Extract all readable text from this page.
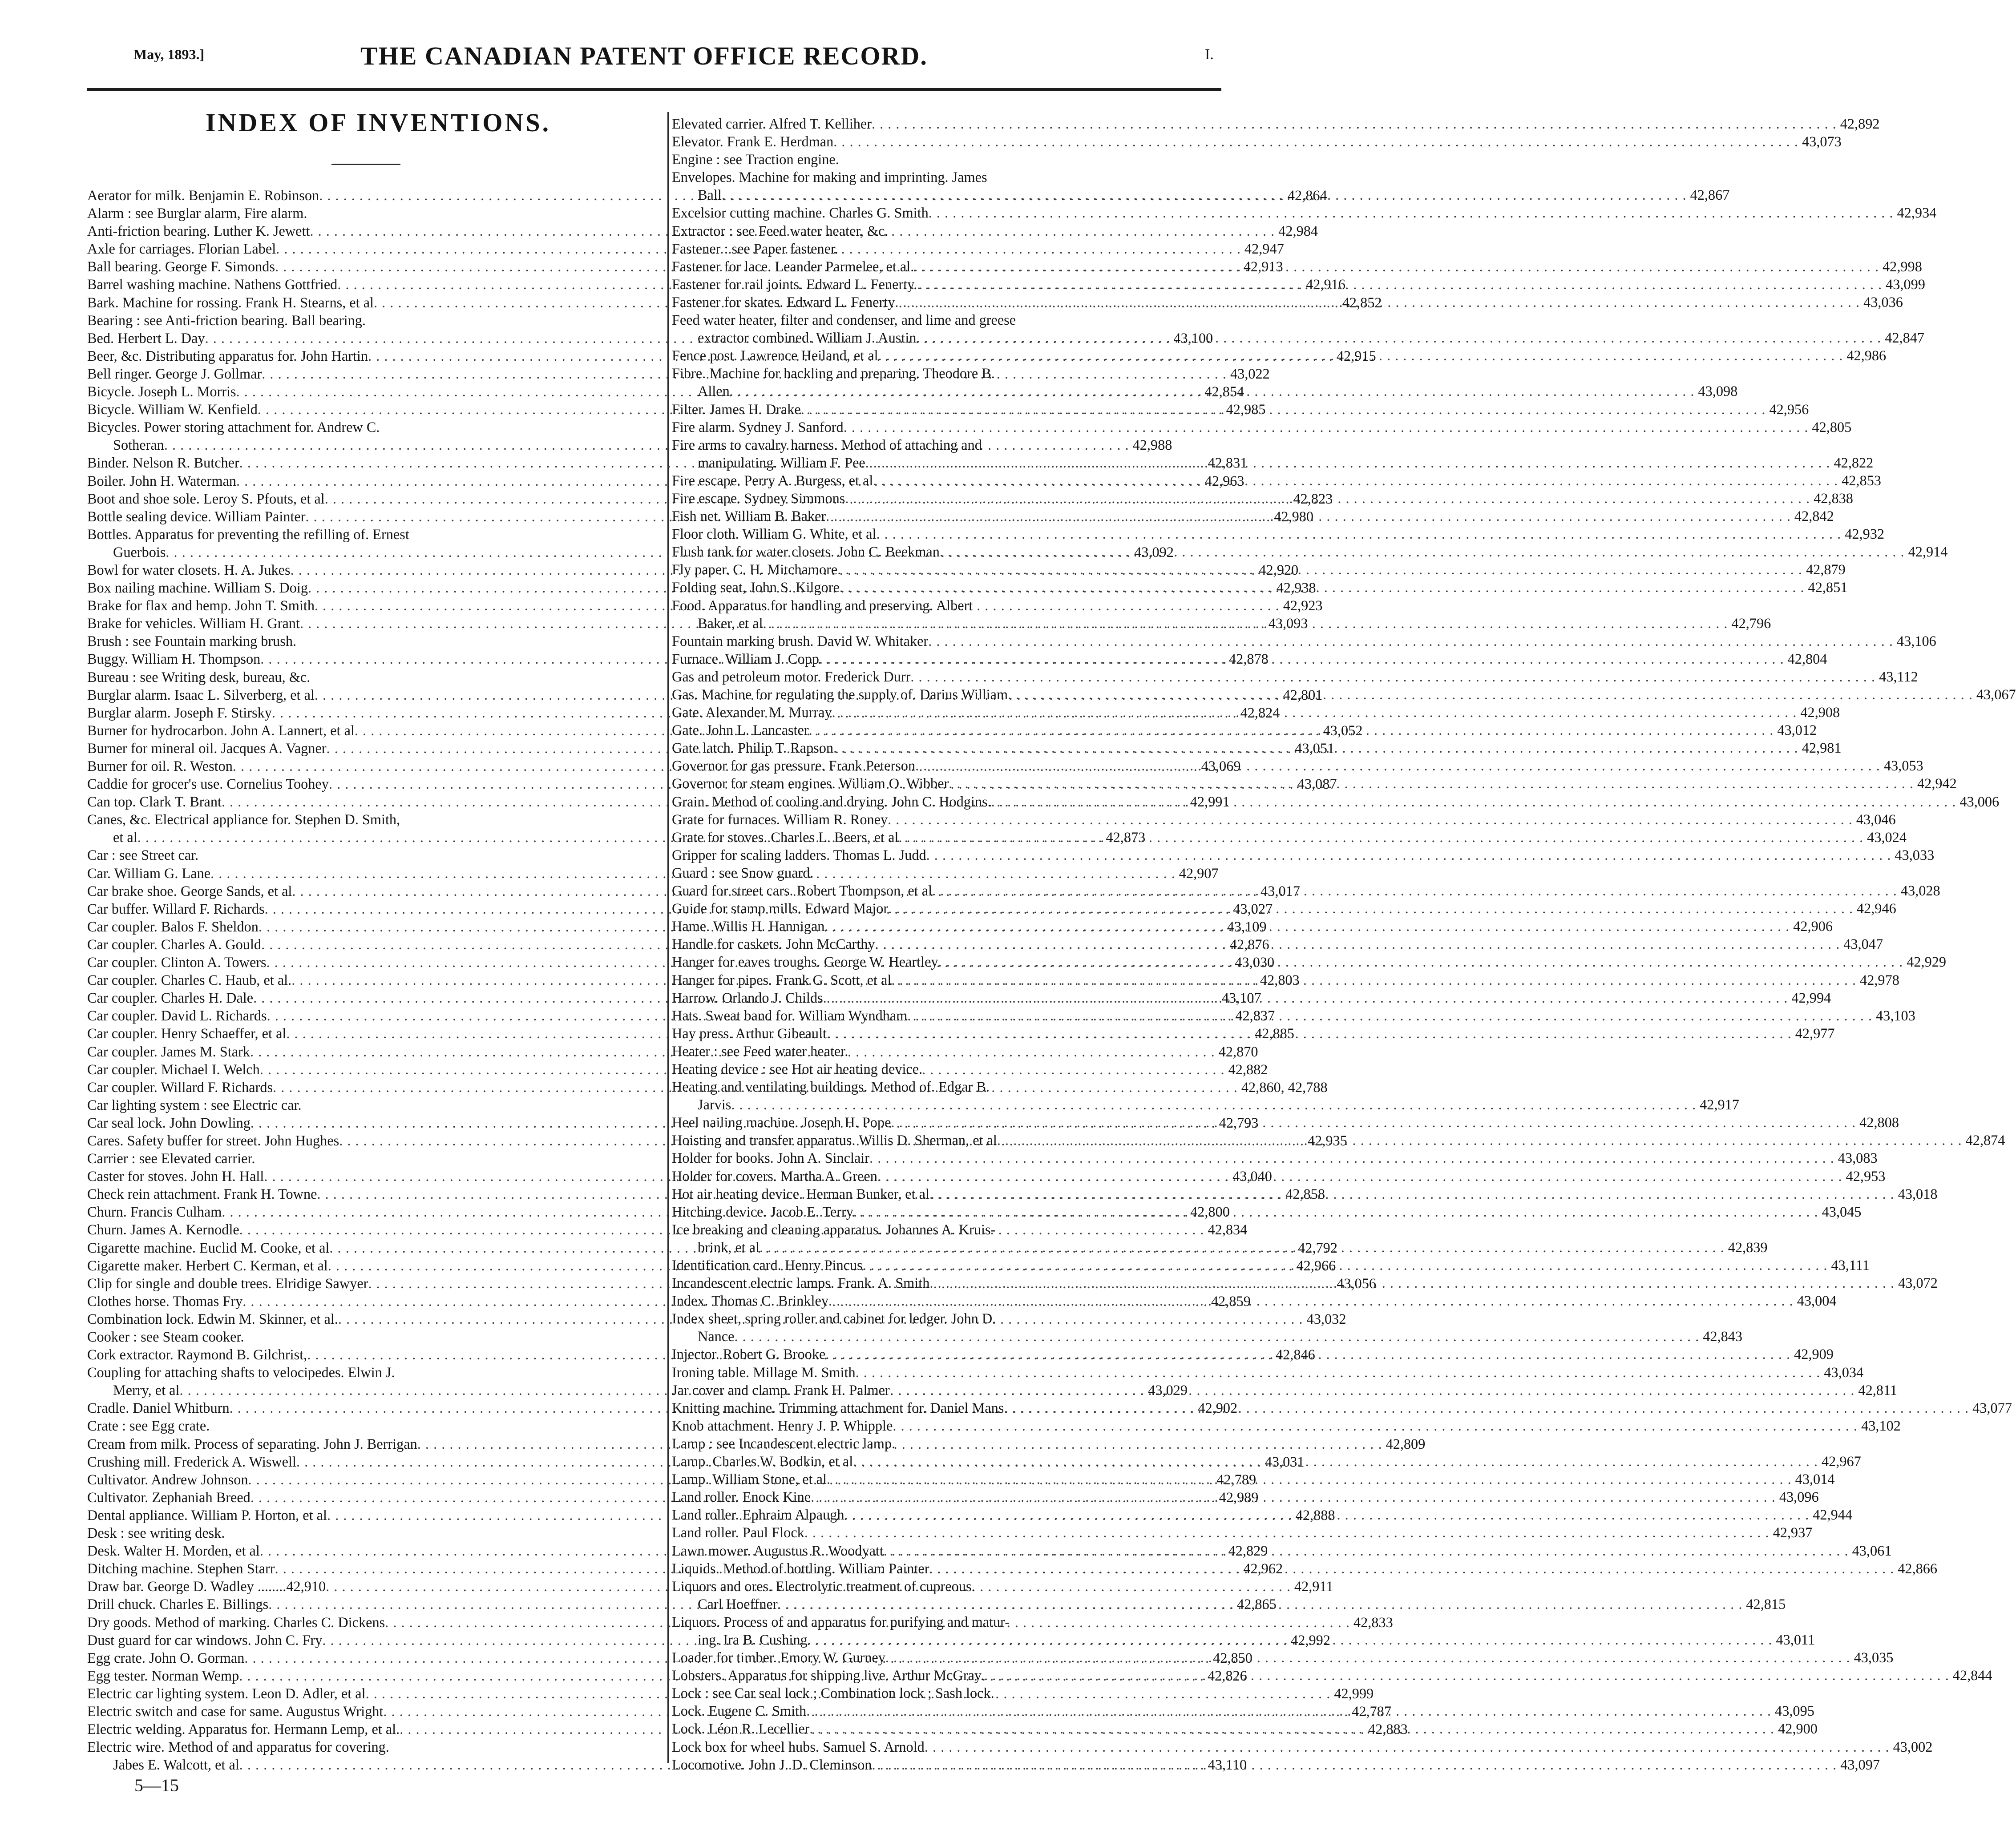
May, 1893.]	THE CANADIAN PATENT OFFICE RECORD.	I.
INDEX OF INVENTIONS.
Aerator for milk. Benjamin E. Robinson . . .	42,864
Alarm : see Burglar alarm, Fire alarm.
Anti-friction bearing. Luther K. Jewett . . .	42,984
Axle for carriages. Florian Label . . .	42,947
Ball bearing. George F. Simonds . . .	42,913
Barrel washing machine. Nathens Gottfried . . .	42,916
Bark. Machine for rossing. Frank H. Stearns, et al . . .	42,852
Bearing : see Anti-friction bearing. Ball bearing.
Bed. Herbert L. Day . . .	43,100
Beer, &c. Distributing apparatus for. John Hartin . . .	42,915
Bell ringer. George J. Gollmar . . .	43,022
Bicycle. Joseph L. Morris . . .	42,854
Bicycle. William W. Kenfield . . .	42,985
Bicycles. Power storing attachment for. Andrew C.
Sotheran . . .	42,988
Binder. Nelson R. Butcher . . .	42,831
Boiler. John H. Waterman . . .	42,963
Boot and shoe sole. Leroy S. Pfouts, et al . . .	42,823
Bottle sealing device. William Painter . . .	42,980
Bottles. Apparatus for preventing the refilling of. Ernest
Guerbois . . .	43,092
Bowl for water closets. H. A. Jukes . . .	42,920
Box nailing machine. William S. Doig . . .	42,938
Brake for flax and hemp. John T. Smith . . .	42,923
Brake for vehicles. William H. Grant . . .	43,093
Brush : see Fountain marking brush.
Buggy. William H. Thompson . . .	42,878
Bureau : see Writing desk, bureau, &c.
Burglar alarm. Isaac L. Silverberg, et al . . .	42,801
Burglar alarm. Joseph F. Stirsky . . .	42,824
Burner for hydrocarbon. John A. Lannert, et al . . .	43,052
Burner for mineral oil. Jacques A. Vagner . . .	43,051
Burner for oil. R. Weston . . .	43,069
Caddie for grocer's use. Cornelius Toohey . . .	43,087
Can top. Clark T. Brant . . .	42,991
Canes, &c. Electrical appliance for. Stephen D. Smith,
et al . . .	42,873
Car : see Street car.
Car. William G. Lane . . .	42,907
Car brake shoe. George Sands, et al . . .	43,017
Car buffer. Willard F. Richards . . .	43,027
Car coupler. Balos F. Sheldon . . .	43,109
Car coupler. Charles A. Gould . . .	42,876
Car coupler. Clinton A. Towers . . .	43,030
Car coupler. Charles C. Haub, et al. . . .	42,803
Car coupler. Charles H. Dale . . .	43,107
Car coupler. David L. Richards . . .	42,837
Car coupler. Henry Schaeffer, et al . . .	42,885
Car coupler. James M. Stark . . .	42,870
Car coupler. Michael I. Welch . . .	42,882
Car coupler. Willard F. Richards . . .	42,860, 42,788
Car lighting system : see Electric car.
Car seal lock. John Dowling . . .	42,793
Cares. Safety buffer for street. John Hughes . . .	42,935
Carrier : see Elevated carrier.
Caster for stoves. John H. Hall . . .	43,040
Check rein attachment. Frank H. Towne . . .	42,858
Churn. Francis Culham . . .	42,800
Churn. James A. Kernodle . . .	42,834
Cigarette machine. Euclid M. Cooke, et al . . .	42,792
Cigarette maker. Herbert C. Kerman, et al . . .	42,966
Clip for single and double trees. Elridige Sawyer . . .	43,056
Clothes horse. Thomas Fry . . .	42,859
Combination lock. Edwin M. Skinner, et al. . . .	43,032
Cooker : see Steam cooker.
Cork extractor. Raymond B. Gilchrist, . . .	42,846
Coupling for attaching shafts to velocipedes. Elwin J.
Merry, et al . . .	43,029
Cradle. Daniel Whitburn . . .	42,902
Crate : see Egg crate.
Cream from milk. Process of separating. John J. Berrigan . . .	42,809
Crushing mill. Frederick A. Wiswell . . .	43,031
Cultivator. Andrew Johnson . . .	42,789
Cultivator. Zephaniah Breed . . .	42,989
Dental appliance. William P. Horton, et al . . .	42,888
Desk : see writing desk.
Desk. Walter H. Morden, et al . . .	42,829
Ditching machine. Stephen Starr . . .	42,962
Draw bar. George D. Wadley ........42,910 . . .	42,911
Drill chuck. Charles E. Billings . . .	42,865
Dry goods. Method of marking. Charles C. Dickens . . .	42,833
Dust guard for car windows. John C. Fry . . .	42,992
Egg crate. John O. Gorman . . .	42,850
Egg tester. Norman Wemp . . .	42,826
Electric car lighting system. Leon D. Adler, et al . . .	42,999
Electric switch and case for same. Augustus Wright . . .	42,787
Electric welding. Apparatus for. Hermann Lemp, et al. . . .	42,883
Electric wire. Method of and apparatus for covering.
Jabes E. Walcott, et al . . .	43,110
Elevated carrier. Alfred T. Kelliher . . .	42,892
Elevator. Frank E. Herdman . . .	43,073
Engine : see Traction engine.
Envelopes. Machine for making and imprinting. James
Ball . . .	42,867
Excelsior cutting machine. Charles G. Smith . . .	42,934
Extractor : see Feed water heater, &c.
Fastener : see Paper fastener.
Fastener for lace. Leander Parmelee, et al. . . .	42,998
Fastener for rail joints. Edward L. Fenerty. . . .	43,099
Fastener for skates. Edward L. Fenerty . . .	43,036
Feed water heater, filter and condenser, and lime and greese
extractor combined. William J. Austin . . .	42,847
Fence post. Lawrence Heiland, et al . . .	42,986
Fibre. Machine for hackling and preparing. Theodore B.
Allen . . .	43,098
Filter. James H. Drake . . .	42,956
Fire alarm. Sydney J. Sanford . . .	42,805
Fire arms to cavalry harness. Method of attaching and
manipulating. William F. Pee . . .	42,822
Fire escape. Perry A. Burgess, et al . . .	42,853
Fire escape. Sydney Simmons . . .	42,838
Fish net. William B. Baker . . .	42,842
Floor cloth. William G. White, et al . . .	42,932
Flush tank for water closets. John C. Beekman . . .	42,914
Fly paper. C. H. Mitchamore . . .	42,879
Folding seat, John S. Kilgore . . .	42,851
Food. Apparatus for handling and preserving. Albert
Baker, et al . . .	42,796
Fountain marking brush. David W. Whitaker . . .	43,106
Furnace. William J. Copp . . .	42,804
Gas and petroleum motor. Frederick Durr . . .	43,112
Gas. Machine for regulating the supply of. Darius William . . .	43,067
Gate. Alexander M. Murray . . .	42,908
Gate. John L. Lancaster . . .	43,012
Gate latch. Philip T. Rapson . . .	42,981
Governor for gas pressure. Frank Peterson . . .	43,053
Governor for steam engines. William O. Wibber . . .	42,942
Grain. Method of cooling and drying. John C. Hodgins. . . .	43,006
Grate for furnaces. William R. Roney . . .	43,046
Grate for stoves. Charles L. Beers, et al . . .	43,024
Gripper for scaling ladders. Thomas L. Judd . . .	43,033
Guard : see Snow guard.
Guard for street cars. Robert Thompson, et al . . .	43,028
Guide for stamp mills. Edward Major . . .	42,946
Hame. Willis H. Hannigan . . .	42,906
Handle for caskets. John McCarthy . . .	43,047
Hanger for eaves troughs. George W. Heartley . . .	42,929
Hanger for pipes. Frank G. Scott, et al . . .	42,978
Harrow. Orlando J. Childs . . .	42,994
Hats. Sweat band for. William Wyndham . . .	43,103
Hay press. Arthur Gibeault . . .	42,977
Heater : see Feed water heater.
Heating device : see Hot air heating device.
Heating and ventilating buildings. Method of. Edgar B.
Jarvis . . .	42,917
Heel nailing machine. Joseph H. Pope . . .	42,808
Hoisting and transfer apparatus. Willis D. Sherman, et al . . .	42,874
Holder for books. John A. Sinclair . . .	43,083
Holder for covers. Martha A. Green . . .	42,953
Hot air heating device. Herman Bunker, et al . . .	43,018
Hitching device. Jacob E. Terry . . .	43,045
Ice breaking and cleaning apparatus. Johannes A. Kruis-
brink, et al . . .	42,839
Identification card. Henry Pincus . . .	43,111
Incandescent electric lamps. Frank. A. Smith . . .	43,072
Index. Thomas C. Brinkley . . .	43,004
Index sheet, spring roller and cabinet for ledger. John D.
Nance . . .	42,843
Injector. Robert G. Brooke . . .	42,909
Ironing table. Millage M. Smith . . .	43,034
Jar cover and clamp. Frank H. Palmer . . .	42,811
Knitting machine. Trimming attachment for. Daniel Mans . . .	43,077
Knob attachment. Henry J. P. Whipple . . .	43,102
Lamp : see Incandescent electric lamp.
Lamp. Charles W. Bodkin, et al . . .	42,967
Lamp. William Stone, et al . . .	43,014
Land roller. Enock Kine . . .	43,096
Land roller. Ephraim Alpaugh . . .	42,944
Land roller. Paul Flock . . .	42,937
Lawn mower. Augustus R. Woodyatt . . .	43,061
Liquids. Method of bottling. William Painter . . .	42,866
Liquors and ores. Electrolytic treatment of cupreous.
Carl Hoeffner . . .	42,815
Liquors. Process of and apparatus for purifying and matur-
ing. Ira B. Cushing . . .	43,011
Loader for timber. Emory W. Gurney . . .	43,035
Lobsters. Apparatus for shipping live. Arthur McGray. . . .	42,844
Lock : see Car seal lock ; Combination lock ; Sash lock.
Lock. Eugene C. Smith . . .	43,095
Lock. Léon R. Lecellier . . .	42,900
Lock box for wheel hubs. Samuel S. Arnold . . .	43,002
Locomotive. John J. D. Cleminson . . .	43,097
5—15
